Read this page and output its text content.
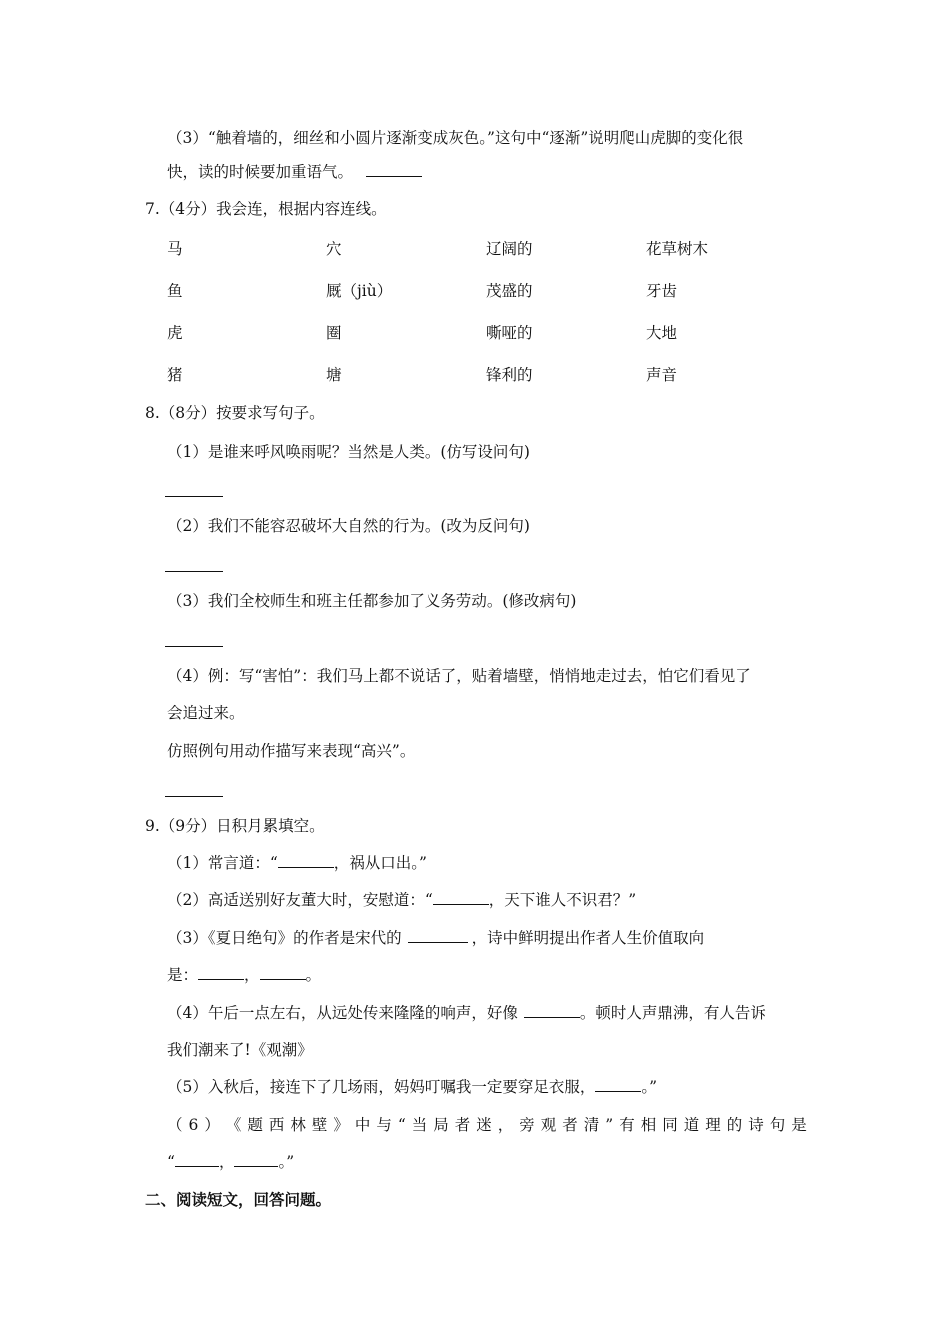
（3）“触着墙的，细丝和小圆片逐渐变成灰色。”这句中“逐渐”说明爬山虎脚的变化很
快，读的时候要加重语气。
7.（4分）我会连，根据内容连线。
马	穴	辽阔的	花草树木
鱼	厩（jiù）	茂盛的	牙齿
虎	圈	嘶哑的	大地
猪	塘	锋利的	声音
8.（8分）按要求写句子。
（1）是谁来呼风唤雨呢？当然是人类。(仿写设问句)
（2）我们不能容忍破坏大自然的行为。(改为反问句)
（3）我们全校师生和班主任都参加了义务劳动。(修改病句)
（4）例：写“害怕”：我们马上都不说话了，贴着墙壁，悄悄地走过去，怕它们看见了
会追过来。
仿照例句用动作描写来表现“高兴”。
9.（9分）日积月累填空。
（1）常言道：“	，祸从口出。”
（2）高适送别好友董大时，安慰道：“	，天下谁人不识君？”
（3）《夏日绝句》的作者是宋代的	，诗中鲜明提出作者人生价值取向
是：	，	。
（4）午后一点左右，从远处传来隆隆的响声，好像	。顿时人声鼎沸，有人告诉
我们潮来了!《观潮》
（5）入秋后，接连下了几场雨，妈妈叮嘱我一定要穿足衣服，	。”
（ 6 ） 《 题 西 林 壁 》 中 与 “ 当 局 者 迷 ， 旁 观 者 清 ” 有 相 同 道 理 的 诗 句 是
“	，	。”
二、阅读短文，回答问题。
